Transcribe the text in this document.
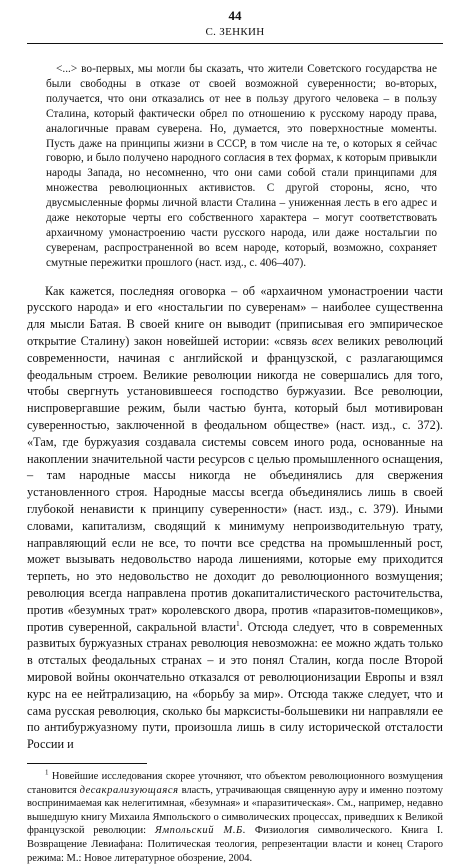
44
С. ЗЕНКИН

<...> во-первых, мы могли бы сказать, что жители Советского государства не были свободны в отказе от своей возможной суверенности; во-вторых, получается, что они отказались от нее в пользу другого человека – в пользу Сталина, который фактически обрел по отношению к русскому народу права, аналогичные правам суверена. Но, думается, это поверхностные моменты. Пусть даже на принципы жизни в СССР, в том числе на те, о которых я сейчас говорю, и было получено народного согласия в тех формах, к которым привыкли народы Запада, но несомненно, что они сами собой стали принципами для множества революционных активистов. С другой стороны, ясно, что двусмысленные формы личной власти Сталина – униженная лесть в его адрес и даже некоторые черты его собственного характера – могут соответствовать архаичному умонастроению части русского народа, или даже ностальгии по суверенам, распространенной во всем народе, который, возможно, сохраняет смутные пережитки прошлого (наст. изд., с. 406–407).

Как кажется, последняя оговорка – об «архаичном умонастроении части русского народа» и его «ностальгии по суверенам» – наиболее существенна для мысли Батая. В своей книге он выводит (приписывая его эмпирическое открытие Сталину) закон новейшей истории: «связь всех великих революций современности, начиная с английской и французской, с разлагающимся феодальным строем. Великие революции никогда не совершались для того, чтобы свергнуть установившееся господство буржуазии. Все революции, ниспровергавшие режим, были частью бунта, который был мотивирован суверенностью, заключенной в феодальном обществе» (наст. изд., с. 372). «Там, где буржуазия создавала системы совсем иного рода, основанные на накоплении значительной части ресурсов с целью промышленного оснащения, – там народные массы никогда не объединялись для свержения установленного строя. Народные массы всегда объединялись лишь в своей глубокой ненависти к принципу суверенности» (наст. изд., с. 379). Иными словами, капитализм, сводящий к минимуму непроизводительную трату, направляющий если не все, то почти все средства на промышленный рост, может вызывать недовольство народа лишениями, которые ему приходится терпеть, но это недовольство не доходит до революционного возмущения; революция всегда направлена против докапиталистического расточительства, против «безумных трат» королевского двора, против «паразитов-помещиков», против суверенной, сакральной власти$^1$. Отсюда следует, что в современных развитых буржуазных странах революция невозможна: ее можно ждать только в отсталых феодальных странах – и это понял Сталин, когда после Второй мировой войны окончательно отказался от революционизации Европы и взял курс на ее нейтрализацию, на «борьбу за мир». Отсюда также следует, что и сама русская революция, сколько бы марксисты-большевики ни направляли ее по антибуржуазному пути, произошла лишь в силу исторической отсталости России и

$^1$ Новейшие исследования скорее уточняют, что объектом революционного возмущения становится десакрализующаяся власть, утрачивающая священную ауру и именно поэтому воспринимаемая как нелегитимная, «безумная» и «паразитическая». См., например, недавно вышедшую книгу Михаила Ямпольского о символических процессах, приведших к Великой французской революции: Ямпольский М.Б. Физиология символического. Книга I. Возвращение Левиафана: Политическая теология, репрезентации власти и конец Старого режима: М.: Новое литературное обозрение, 2004.
